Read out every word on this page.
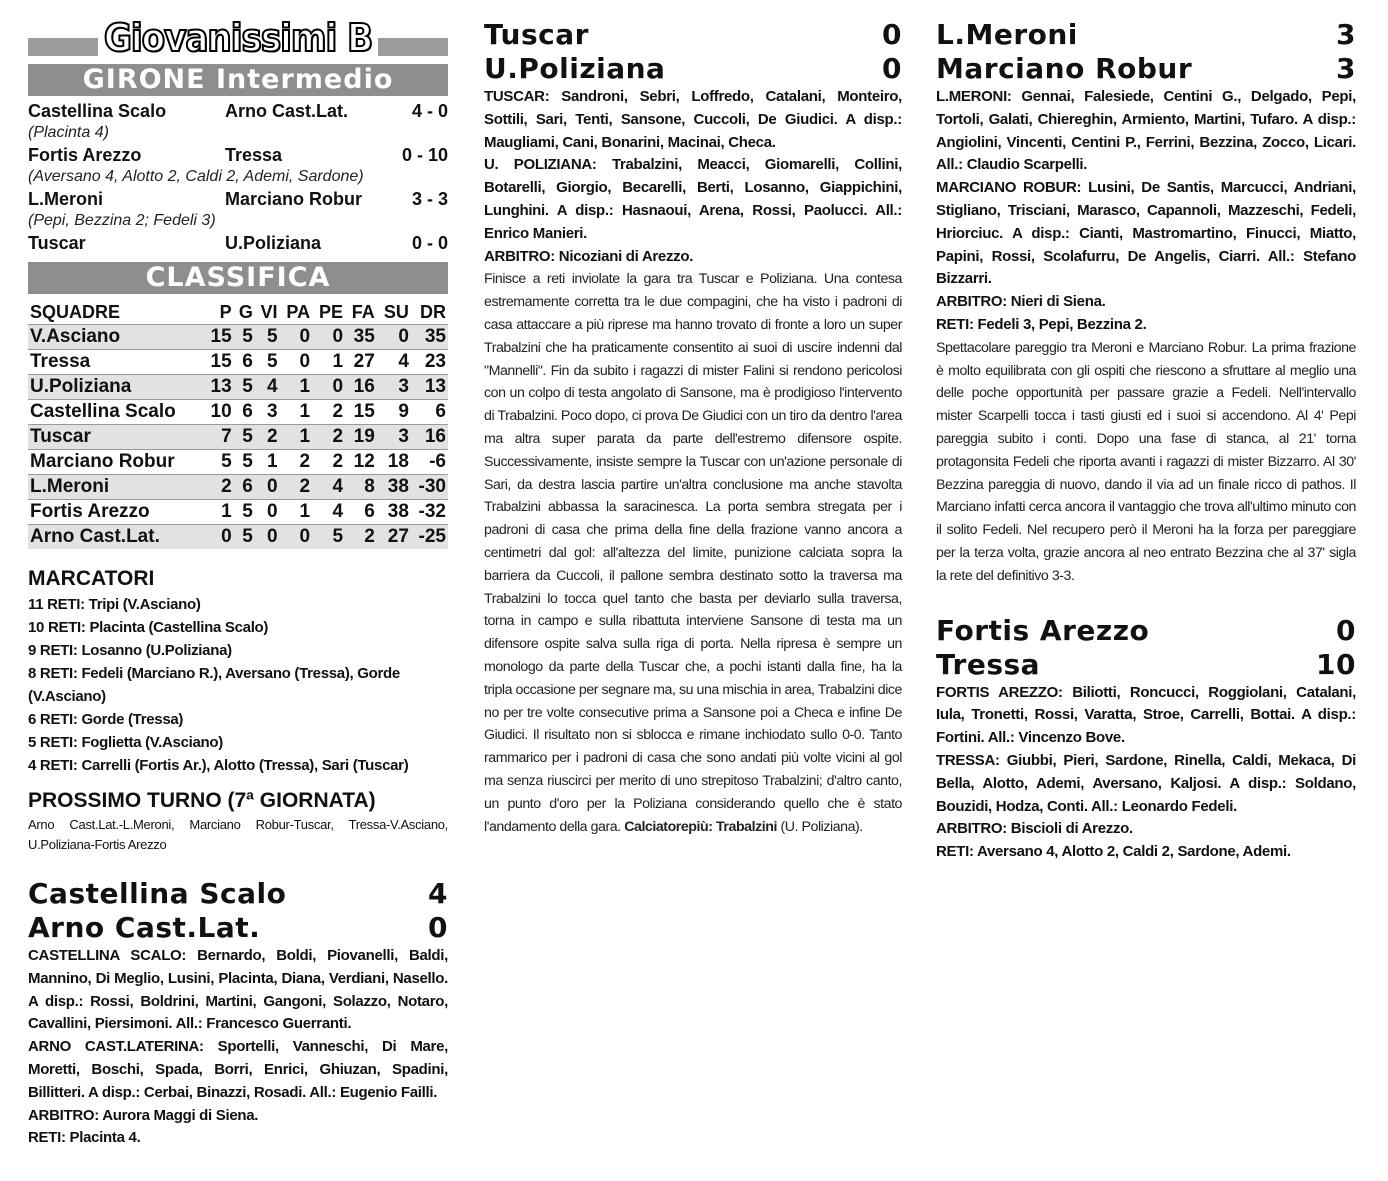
Giovanissimi B
GIRONE Intermedio
Castellina Scalo	Arno Cast.Lat.	4 - 0
(Placinta 4)
Fortis Arezzo	Tressa	0 - 10
(Aversano 4, Alotto 2, Caldi 2, Ademi, Sardone)
L.Meroni	Marciano Robur	3 - 3
(Pepi, Bezzina 2; Fedeli 3)
Tuscar	U.Poliziana	0 - 0
CLASSIFICA
SQUADRE	P	G	VI	PA	PE	FA	SU	DR
V.Asciano	15	5	5	0	0	35	0	35
Tressa	15	6	5	0	1	27	4	23
U.Poliziana	13	5	4	1	0	16	3	13
Castellina Scalo	10	6	3	1	2	15	9	6
Tuscar	7	5	2	1	2	19	3	16
Marciano Robur	5	5	1	2	2	12	18	-6
L.Meroni	2	6	0	2	4	8	38	-30
Fortis Arezzo	1	5	0	1	4	6	38	-32
Arno Cast.Lat.	0	5	0	0	5	2	27	-25
MARCATORI
11 RETI: Tripi (V.Asciano)
10 RETI: Placinta (Castellina Scalo)
9 RETI: Losanno (U.Poliziana)
8 RETI: Fedeli (Marciano R.), Aversano (Tressa), Gorde (V.Asciano)
6 RETI: Gorde (Tressa)
5 RETI: Foglietta (V.Asciano)
4 RETI: Carrelli (Fortis Ar.), Alotto (Tressa), Sari (Tuscar)
PROSSIMO TURNO (7ª GIORNATA)
Arno Cast.Lat.-L.Meroni, Marciano Robur-Tuscar, Tressa-V.Asciano, U.Poliziana-Fortis Arezzo
Castellina Scalo	4
Arno Cast.Lat.	0
CASTELLINA SCALO: Bernardo, Boldi, Piovanelli, Baldi, Mannino, Di Meglio, Lusini, Placinta, Diana, Verdiani, Nasello. A disp.: Rossi, Boldrini, Martini, Gangoni, Solazzo, Notaro, Cavallini, Piersimoni. All.: Francesco Guerranti.
ARNO CAST.LATERINA: Sportelli, Vanneschi, Di Mare, Moretti, Boschi, Spada, Borri, Enrici, Ghiuzan, Spadini, Billitteri. A disp.: Cerbai, Binazzi, Rosadi. All.: Eugenio Failli.
ARBITRO: Aurora Maggi di Siena.
RETI: Placinta 4.
Tuscar	0
U.Poliziana	0
TUSCAR: Sandroni, Sebri, Loffredo, Catalani, Monteiro, Sottili, Sari, Tenti, Sansone, Cuccoli, De Giudici. A disp.: Maugliami, Cani, Bonarini, Macinai, Checa.
U. POLIZIANA: Trabalzini, Meacci, Giomarelli, Collini, Botarelli, Giorgio, Becarelli, Berti, Losanno, Giappichini, Lunghini. A disp.: Hasnaoui, Arena, Rossi, Paolucci. All.: Enrico Manieri.
ARBITRO: Nicoziani di Arezzo.
Finisce a reti inviolate la gara tra Tuscar e Poliziana. Una contesa estremamente corretta tra le due compagini, che ha visto i padroni di casa attaccare a più riprese ma hanno trovato di fronte a loro un super Trabalzini che ha praticamente consentito ai suoi di uscire indenni dal "Mannelli". Fin da subito i ragazzi di mister Falini si rendono pericolosi con un colpo di testa angolato di Sansone, ma è prodigioso l'intervento di Trabalzini. Poco dopo, ci prova De Giudici con un tiro da dentro l'area ma altra super parata da parte dell'estremo difensore ospite. Successivamente, insiste sempre la Tuscar con un'azione personale di Sari, da destra lascia partire un'altra conclusione ma anche stavolta Trabalzini abbassa la saracinesca. La porta sembra stregata per i padroni di casa che prima della fine della frazione vanno ancora a centimetri dal gol: all'altezza del limite, punizione calciata sopra la barriera da Cuccoli, il pallone sembra destinato sotto la traversa ma Trabalzini lo tocca quel tanto che basta per deviarlo sulla traversa, torna in campo e sulla ribattuta interviene Sansone di testa ma un difensore ospite salva sulla riga di porta. Nella ripresa è sempre un monologo da parte della Tuscar che, a pochi istanti dalla fine, ha la tripla occasione per segnare ma, su una mischia in area, Trabalzini dice no per tre volte consecutive prima a Sansone poi a Checa e infine De Giudici. Il risultato non si sblocca e rimane inchiodato sullo 0-0. Tanto rammarico per i padroni di casa che sono andati più volte vicini al gol ma senza riuscirci per merito di uno strepitoso Trabalzini; d'altro canto, un punto d'oro per la Poliziana considerando quello che è stato l'andamento della gara. Calciatorepiù: Trabalzini (U. Poliziana).
L.Meroni	3
Marciano Robur	3
L.MERONI: Gennai, Falesiede, Centini G., Delgado, Pepi, Tortoli, Galati, Chiereghin, Armiento, Martini, Tufaro. A disp.: Angiolini, Vincenti, Centini P., Ferrini, Bezzina, Zocco, Licari. All.: Claudio Scarpelli.
MARCIANO ROBUR: Lusini, De Santis, Marcucci, Andriani, Stigliano, Trisciani, Marasco, Capannoli, Mazzeschi, Fedeli, Hriorciuc. A disp.: Cianti, Mastromartino, Finucci, Miatto, Papini, Rossi, Scolafurru, De Angelis, Ciarri. All.: Stefano Bizzarri.
ARBITRO: Nieri di Siena.
RETI: Fedeli 3, Pepi, Bezzina 2.
Spettacolare pareggio tra Meroni e Marciano Robur. La prima frazione è molto equilibrata con gli ospiti che riescono a sfruttare al meglio una delle poche opportunità per passare grazie a Fedeli. Nell'intervallo mister Scarpelli tocca i tasti giusti ed i suoi si accendono. Al 4' Pepi pareggia subito i conti. Dopo una fase di stanca, al 21' torna protagonsita Fedeli che riporta avanti i ragazzi di mister Bizzarro. Al 30' Bezzina pareggia di nuovo, dando il via ad un finale ricco di pathos. Il Marciano infatti cerca ancora il vantaggio che trova all'ultimo minuto con il solito Fedeli. Nel recupero però il Meroni ha la forza per pareggiare per la terza volta, grazie ancora al neo entrato Bezzina che al 37' sigla la rete del definitivo 3-3.
Fortis Arezzo	0
Tressa	10
FORTIS AREZZO: Biliotti, Roncucci, Roggiolani, Catalani, Iula, Tronetti, Rossi, Varatta, Stroe, Carrelli, Bottai. A disp.: Fortini. All.: Vincenzo Bove.
TRESSA: Giubbi, Pieri, Sardone, Rinella, Caldi, Mekaca, Di Bella, Alotto, Ademi, Aversano, Kaljosi. A disp.: Soldano, Bouzidi, Hodza, Conti. All.: Leonardo Fedeli.
ARBITRO: Biscioli di Arezzo.
RETI: Aversano 4, Alotto 2, Caldi 2, Sardone, Ademi.
